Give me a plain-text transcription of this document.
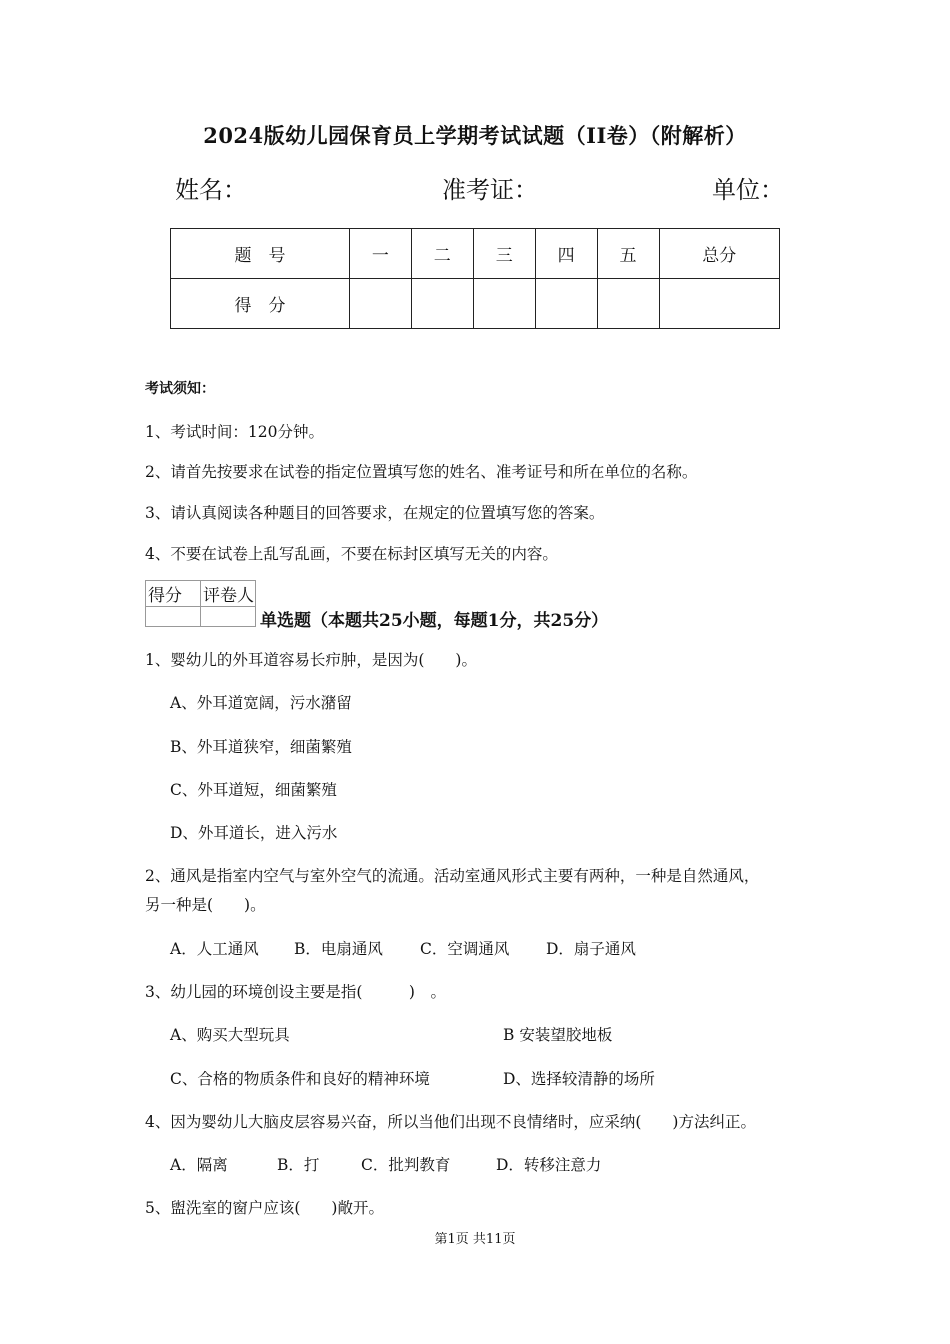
2024版幼儿园保育员上学期考试试题（II卷）（附解析）
姓名：	准考证：	单位：
题　号	一	二	三	四	五	总分
得　分						
考试须知：
1、考试时间：120分钟。
2、请首先按要求在试卷的指定位置填写您的姓名、准考证号和所在单位的名称。
3、请认真阅读各种题目的回答要求，在规定的位置填写您的答案。
4、不要在试卷上乱写乱画，不要在标封区填写无关的内容。
得分	评卷人

单选题（本题共25小题，每题1分，共25分）
1、婴幼儿的外耳道容易长疖肿，是因为(　　)。
A、外耳道宽阔，污水潴留
B、外耳道狭窄，细菌繁殖
C、外耳道短，细菌繁殖
D、外耳道长，进入污水
2、通风是指室内空气与室外空气的流通。活动室通风形式主要有两种，一种是自然通风，
另一种是(　　)。
A．人工通风 B．电扇通风 C．空调通风 D．扇子通风
3、幼儿园的环境创设主要是指(　　　)　。
A、购买大型玩具	B 安装望胶地板
C、合格的物质条件和良好的精神环境	D、选择较清静的场所
4、因为婴幼儿大脑皮层容易兴奋，所以当他们出现不良情绪时，应采纳(　　)方法纠正。
A．隔离	B．打	C．批判教育	D．转移注意力
5、盥洗室的窗户应该(　　)敞开。
第1页 共11页
